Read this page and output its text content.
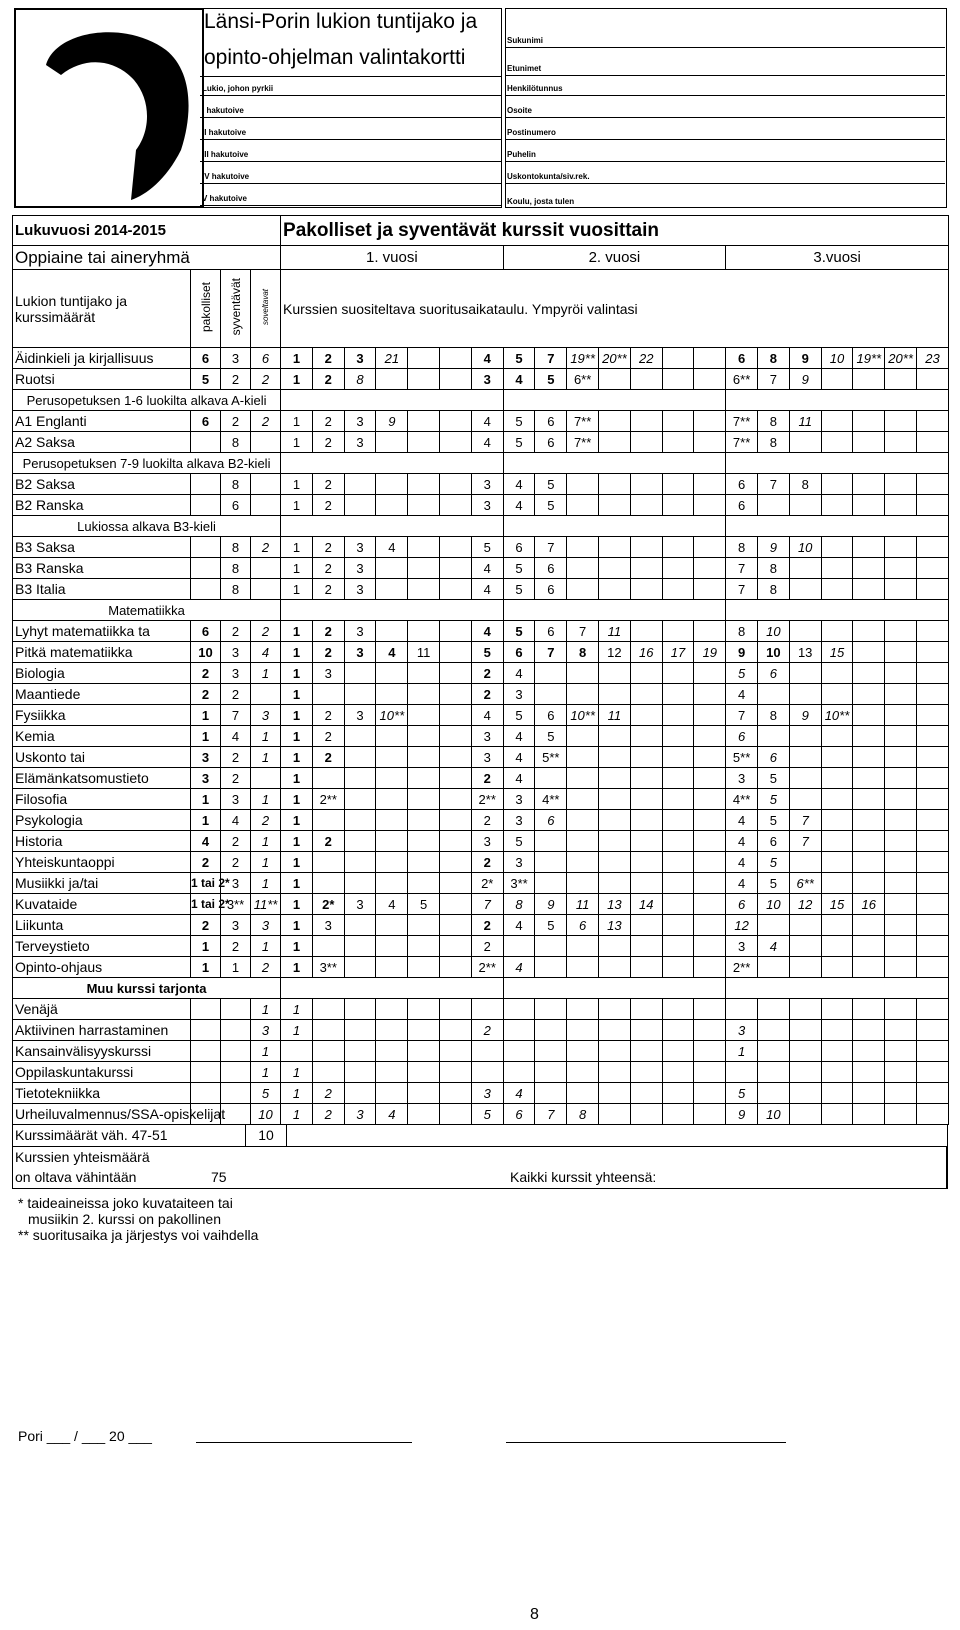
Länsi-Porin lukion tuntijako ja
opinto-ohjelman valintakortti
Lukio, johon pyrkii
I hakutoive
II hakutoive
III hakutoive
IV hakutoive
V hakutoive
Sukunimi
Etunimet
Henkilötunnus
Osoite
Postinumero
Puhelin
Uskontokunta/siv.rek.
Koulu, josta tulen
Lukuvuosi 2014-2015				Pakolliset ja syventävät kurssit vuosittain																				
Oppiaine tai aineryhmä				1. vuosi							2. vuosi							3.vuosi						
Lukion tuntijako ja kurssimäärät	pakolliset	syventävät	soveltavat	Kurssien suositeltava suoritusaikataulu. Ympyröi valintasi																				
Äidinkieli ja kirjallisuus	6	3	6	1	2	3	21			4	5	7	19**	20**	22			6	8	9	10	19**	20**	23
Ruotsi	5	2	2	1	2	8				3	4	5	6**					6**	7	9				
Perusopetuksen 1-6 luokilta alkava A-kieli																								
A1 Englanti	6	2	2	1	2	3	9			4	5	6	7**					7**	8	11				
A2 Saksa		8		1	2	3				4	5	6	7**					7**	8					
Perusopetuksen 7-9 luokilta alkava B2-kieli																								
B2 Saksa		8		1	2					3	4	5						6	7	8				
B2 Ranska		6		1	2					3	4	5						6						
Lukiossa alkava B3-kieli																								
B3 Saksa		8	2	1	2	3	4			5	6	7						8	9	10				
B3 Ranska		8		1	2	3				4	5	6						7	8					
B3 Italia		8		1	2	3				4	5	6						7	8					
Matematiikka																								
Lyhyt matematiikka ta	6	2	2	1	2	3				4	5	6	7	11				8	10					
Pitkä matematiikka	10	3	4	1	2	3	4	11		5	6	7	8	12	16	17	19	9	10	13	15			
Biologia	2	3	1	1	3					2	4							5	6					
Maantiede	2	2		1						2	3							4						
Fysiikka	1	7	3	1	2	3	10**			4	5	6	10**	11				7	8	9	10**			
Kemia	1	4	1	1	2					3	4	5						6						
Uskonto tai	3	2	1	1	2					3	4	5**						5**	6					
Elämänkatsomustieto	3	2		1						2	4							3	5					
Filosofia	1	3	1	1	2**					2**	3	4**						4**	5					
Psykologia	1	4	2	1						2	3	6						4	5	7				
Historia	4	2	1	1	2					3	5							4	6	7				
Yhteiskuntaoppi	2	2	1	1						2	3							4	5					
Musiikki ja/tai	1 tai 2*	3	1	1						2*	3**							4	5	6**				
Kuvataide	1 tai 2*	3**	11**	1	2*	3	4	5		7	8	9	11	13	14			6	10	12	15	16		
Liikunta	2	3	3	1	3					2	4	5	6	13				12						
Terveystieto	1	2	1	1						2								3	4					
Opinto-ohjaus	1	1	2	1	3**					2**	4							2**						
Muu kurssi tarjonta																								
Venäjä			1	1																				
Aktiivinen harrastaminen			3	1						2								3						
Kansainvälisyyskurssi			1															1						
Oppilaskuntakurssi			1	1																				
Tietotekniikka			5	1	2					3	4							5						
Urheiluvalmennus/SSA-opiskelijat			10	1	2	3	4			5	6	7	8					9	10					
Kurssimäärät väh. 47-51	10
Kurssien yhteismäärä
on oltava vähintään	75	Kaikki kurssit yhteensä:
* taideaineissa joko kuvataiteen tai
musiikin 2. kurssi on pakollinen
** suoritusaika ja järjestys voi vaihdella
Pori ___ / ___ 20 ___
8
